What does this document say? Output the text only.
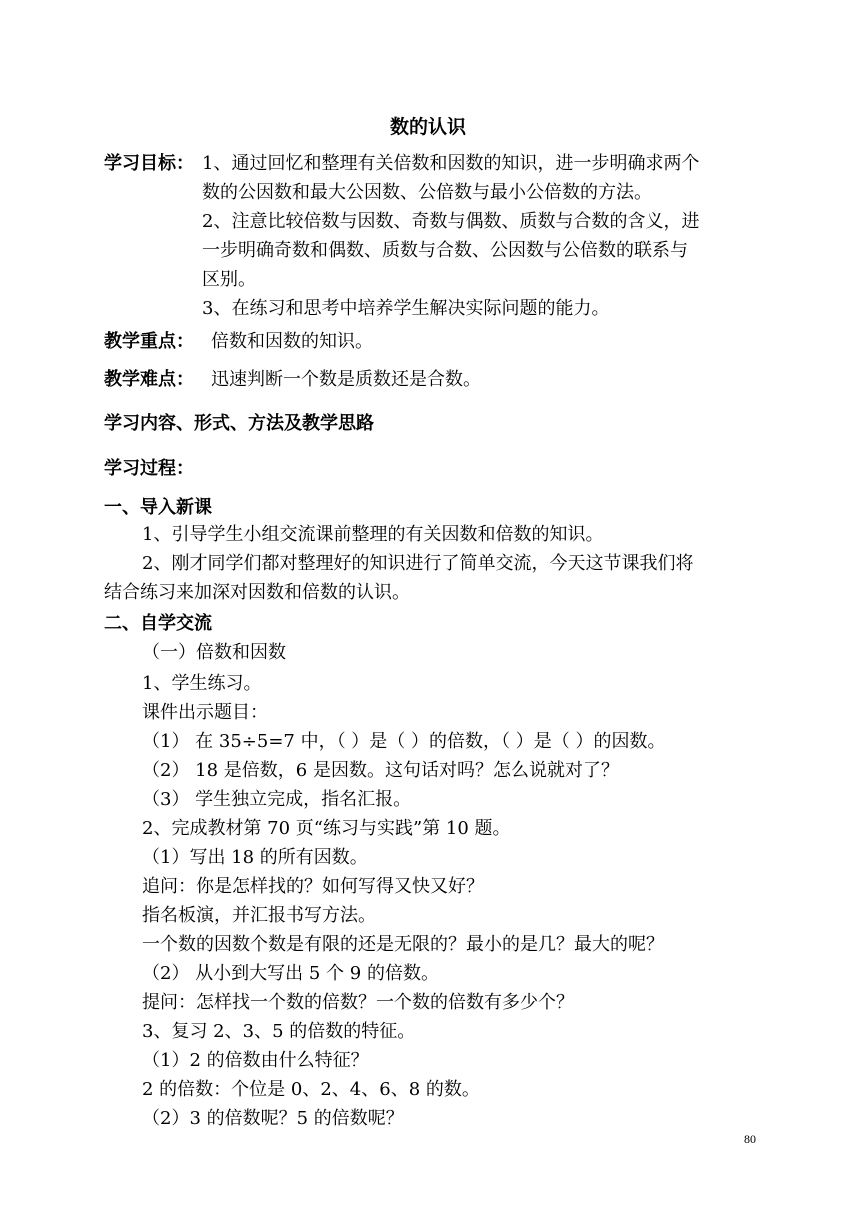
数的认识
学习目标： 1、通过回忆和整理有关倍数和因数的知识，进一步明确求两个
数的公因数和最大公因数、公倍数与最小公倍数的方法。
2、注意比较倍数与因数、奇数与偶数、质数与合数的含义，进
一步明确奇数和偶数、质数与合数、公因数与公倍数的联系与
区别。
3、在练习和思考中培养学生解决实际问题的能力。
教学重点： 倍数和因数的知识。
教学难点： 迅速判断一个数是质数还是合数。
学习内容、形式、方法及教学思路
学习过程：
一、导入新课
1、引导学生小组交流课前整理的有关因数和倍数的知识。
2、刚才同学们都对整理好的知识进行了简单交流，今天这节课我们将
结合练习来加深对因数和倍数的认识。
二、自学交流
（一）倍数和因数
1、学生练习。
课件出示题目：
（1） 在 35÷5=7 中，（ ）是（ ）的倍数，（ ）是（ ）的因数。
（2） 18 是倍数，6 是因数。这句话对吗？怎么说就对了？
（3） 学生独立完成，指名汇报。
2、完成教材第 70 页“练习与实践”第 10 题。
（1）写出 18 的所有因数。
追问：你是怎样找的？如何写得又快又好？
指名板演，并汇报书写方法。
一个数的因数个数是有限的还是无限的？最小的是几？最大的呢？
（2） 从小到大写出 5 个 9 的倍数。
提问：怎样找一个数的倍数？一个数的倍数有多少个？
3、复习 2、3、5 的倍数的特征。
（1）2 的倍数由什么特征？
2 的倍数：个位是 0、2、4、6、8 的数。
（2）3 的倍数呢？5 的倍数呢？
80
